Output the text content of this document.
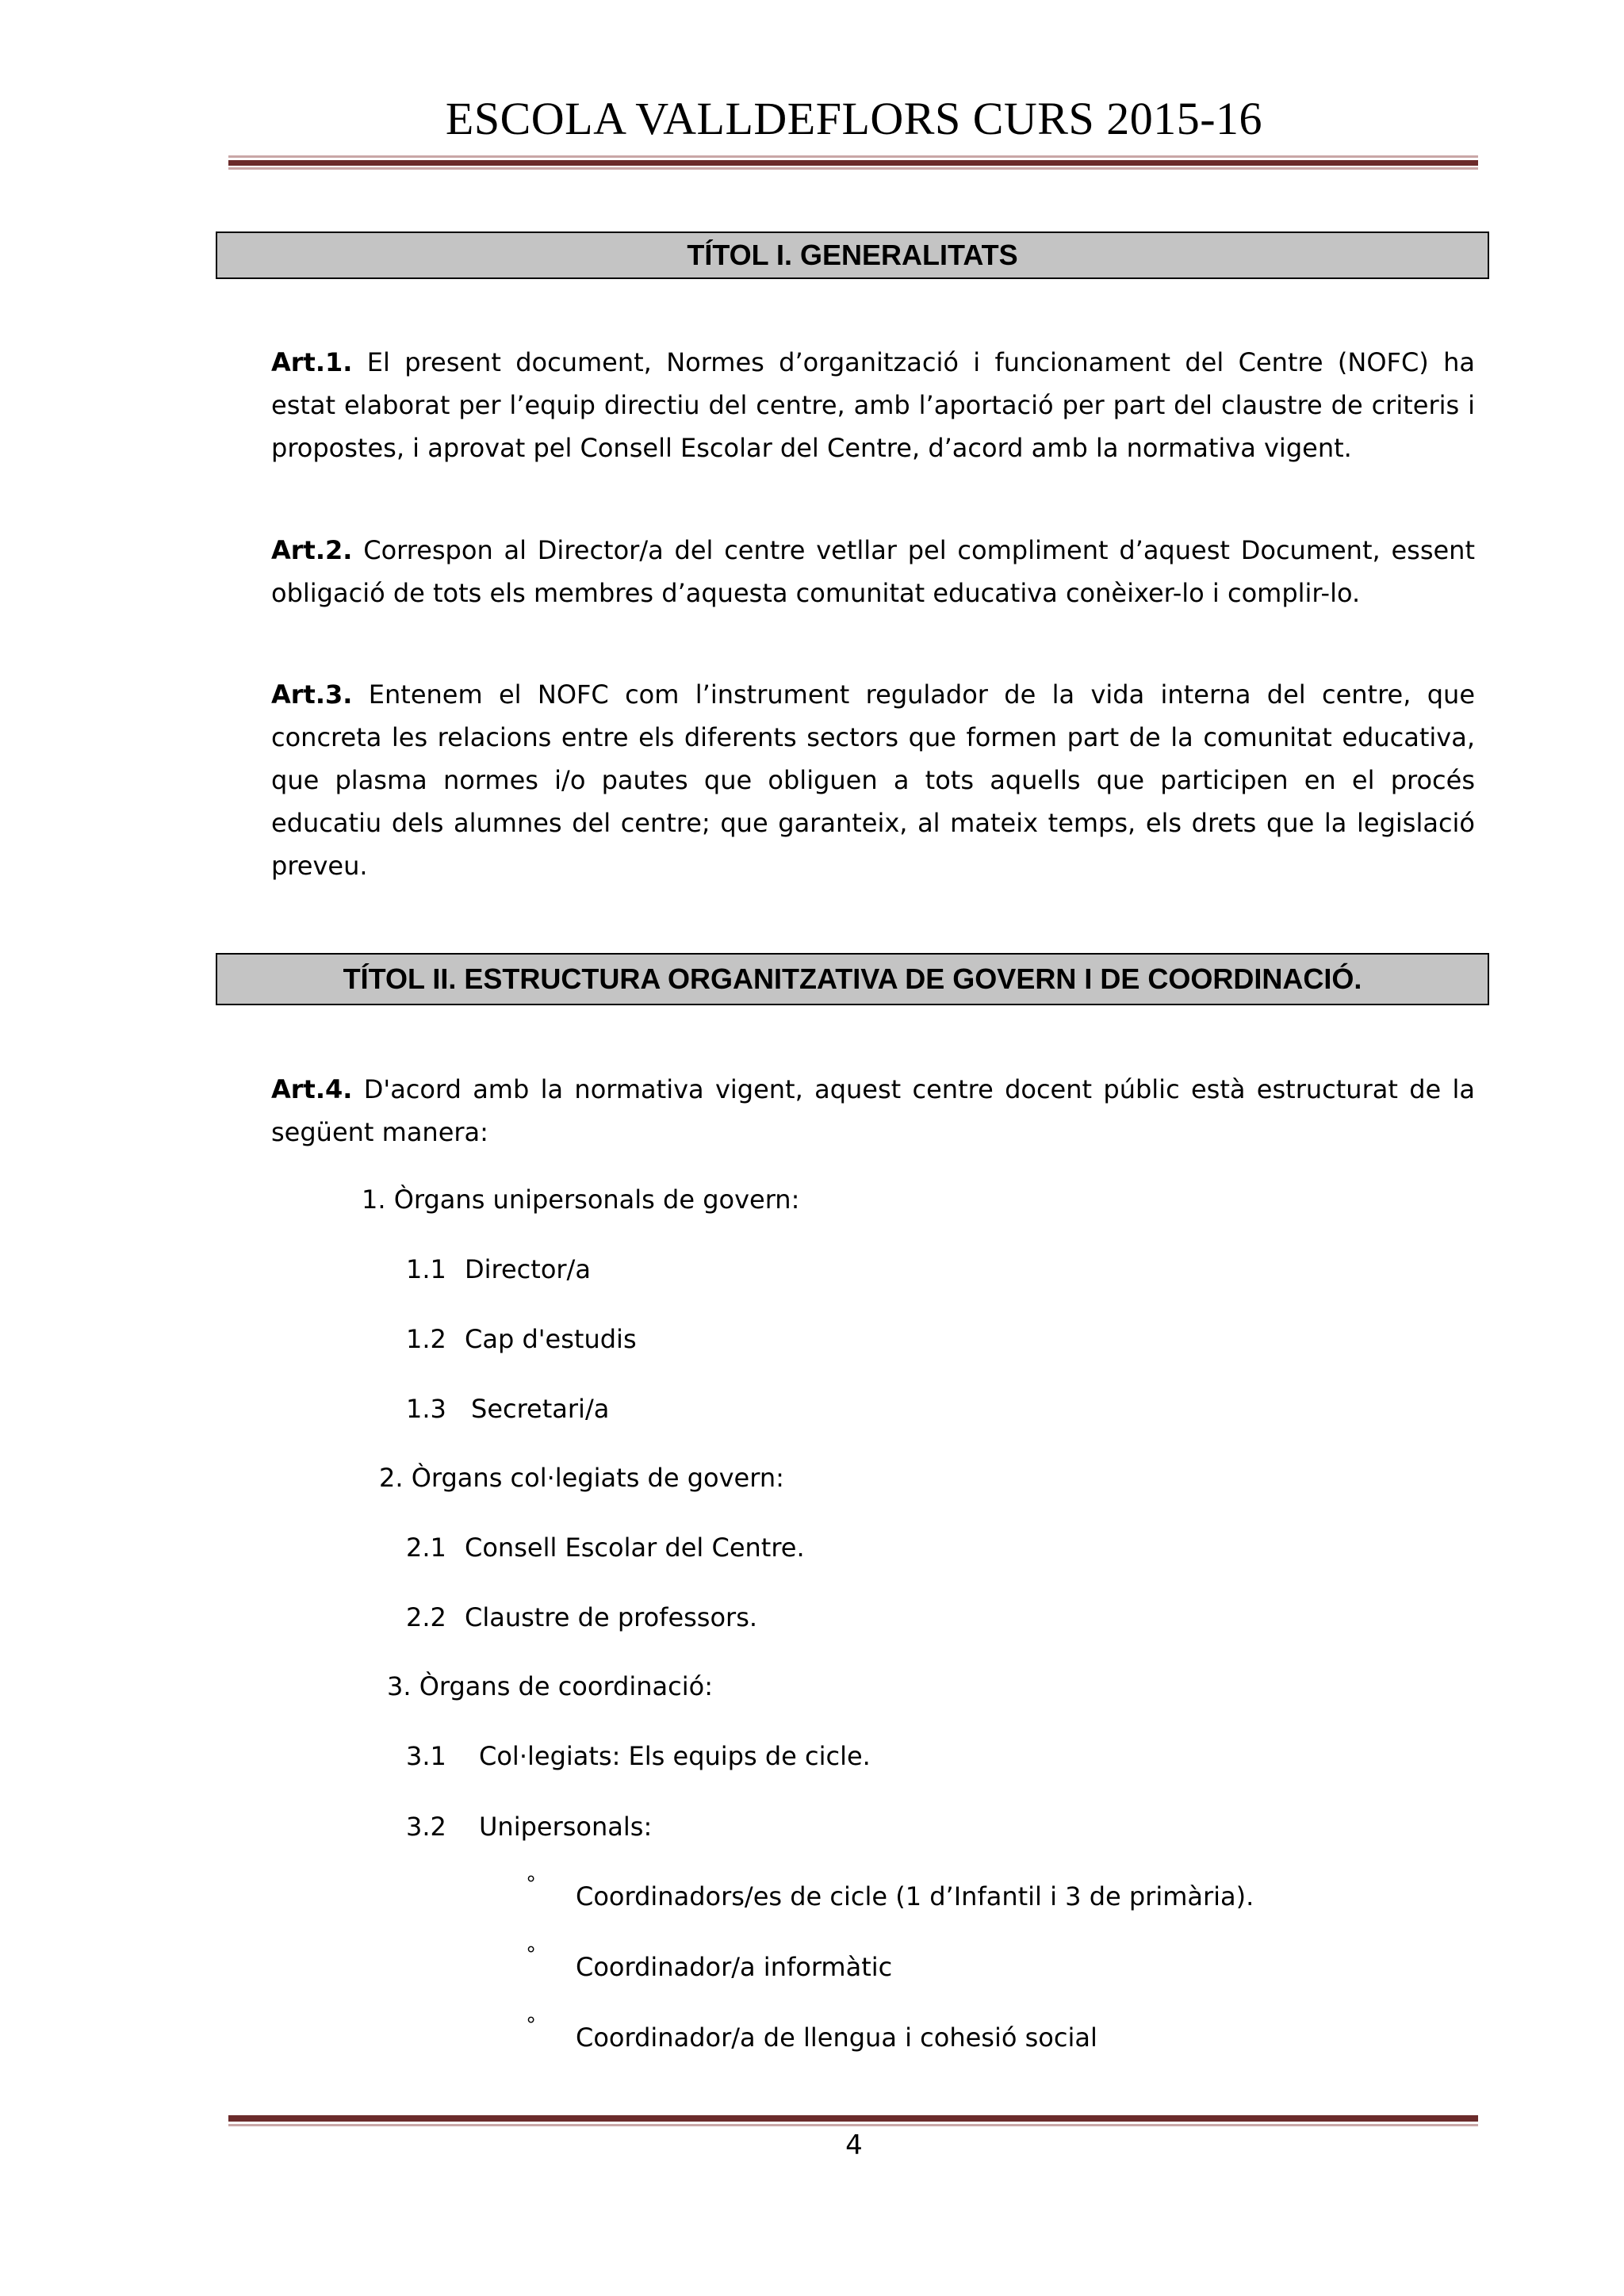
ESCOLA VALLDEFLORS CURS 2015-16
TÍTOL I. GENERALITATS
Art.1. El present document, Normes d’organització i funcionament del Centre (NOFC) ha estat elaborat per l’equip directiu del centre, amb l’aportació per part del claustre de criteris i propostes, i aprovat pel Consell Escolar del Centre, d’acord amb la normativa vigent.
Art.2. Correspon al Director/a del centre vetllar pel compliment d’aquest Document, essent obligació de tots els membres d’aquesta comunitat educativa conèixer-lo i complir-lo.
Art.3. Entenem el NOFC com l’instrument regulador de la vida interna del centre, que concreta les relacions entre els diferents sectors que formen part de la comunitat educativa, que plasma normes i/o pautes que obliguen a tots aquells que participen en el procés educatiu dels alumnes del centre; que garanteix, al mateix temps, els drets que la legislació preveu.
TÍTOL II. ESTRUCTURA ORGANITZATIVA DE GOVERN I DE COORDINACIÓ.
Art.4. D'acord amb la normativa vigent, aquest centre docent públic està estructurat de la següent manera:
1. Òrgans unipersonals de govern:
1.1 Director/a
1.2 Cap d'estudis
1.3 Secretari/a
2. Òrgans col·legiats de govern:
2.1 Consell Escolar del Centre.
2.2 Claustre de professors.
3. Òrgans de coordinació:
3.1 Col·legiats: Els equips de cicle.
3.2 Unipersonals:
° Coordinadors/es de cicle (1 d’Infantil i 3 de primària).
° Coordinador/a informàtic
° Coordinador/a de llengua i cohesió social
4
